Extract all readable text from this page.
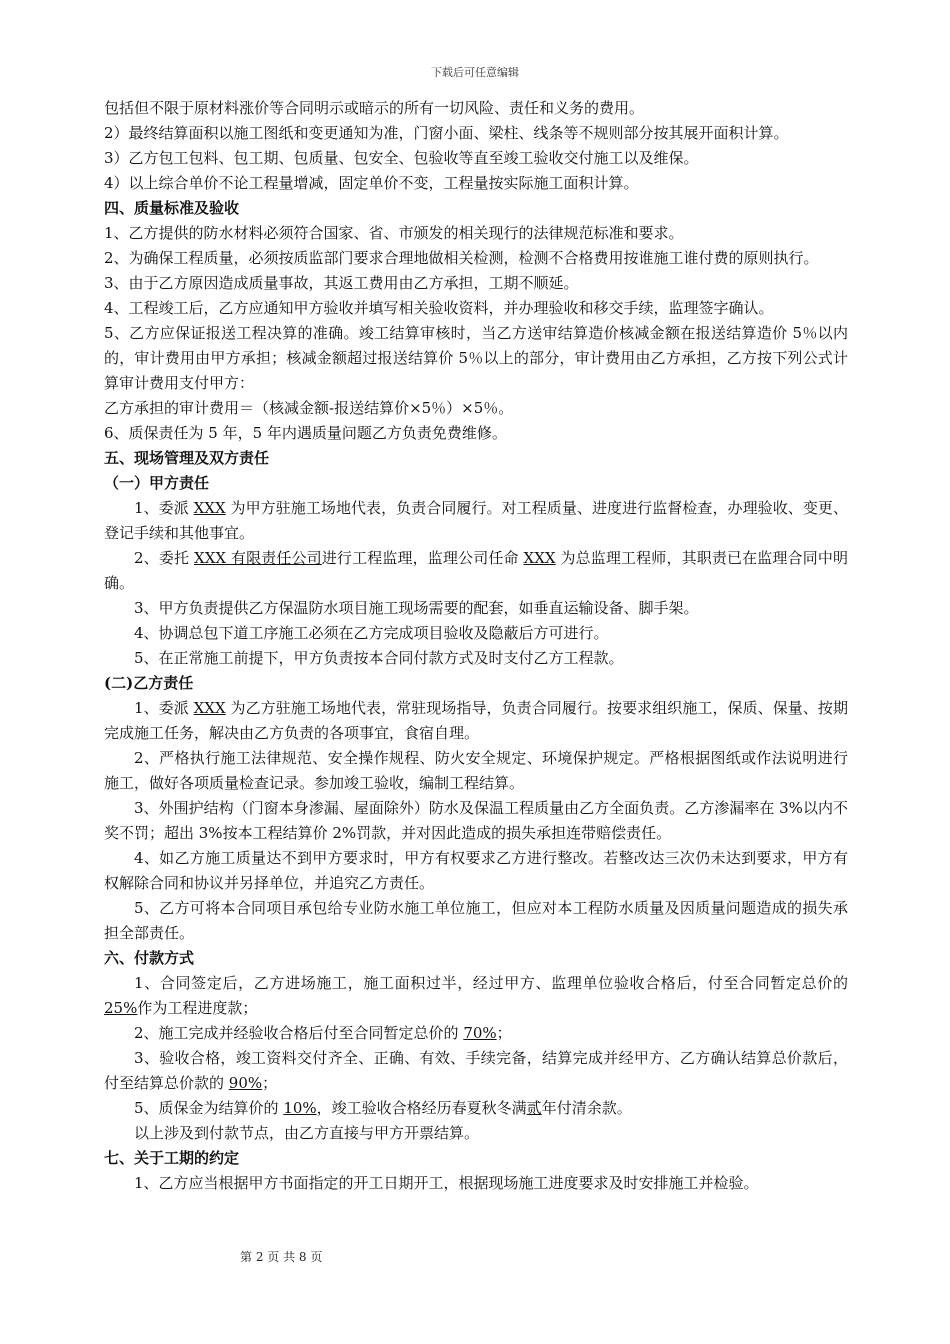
下载后可任意编辑

包括但不限于原材料涨价等合同明示或暗示的所有一切风险、责任和义务的费用。

2）最终结算面积以施工图纸和变更通知为准，门窗小面、梁柱、线条等不规则部分按其展开面积计算。

3）乙方包工包料、包工期、包质量、包安全、包验收等直至竣工验收交付施工以及维保。

4）以上综合单价不论工程量增减，固定单价不变，工程量按实际施工面积计算。

四、质量标准及验收

1、乙方提供的防水材料必须符合国家、省、市颁发的相关现行的法律规范标准和要求。

2、为确保工程质量，必须按质监部门要求合理地做相关检测，检测不合格费用按谁施工谁付费的原则执行。

3、由于乙方原因造成质量事故，其返工费用由乙方承担，工期不顺延。

4、工程竣工后，乙方应通知甲方验收并填写相关验收资料，并办理验收和移交手续，监理签字确认。

5、乙方应保证报送工程决算的准确。竣工结算审核时，当乙方送审结算造价核减金额在报送结算造价 5％以内的，审计费用由甲方承担；核减金额超过报送结算价 5％以上的部分，审计费用由乙方承担，乙方按下列公式计算审计费用支付甲方：

乙方承担的审计费用＝（核减金额-报送结算价×5％）×5％。

6、质保责任为 5 年，5 年内遇质量问题乙方负责免费维修。

五、现场管理及双方责任

（一）甲方责任

1、委派 XXX 为甲方驻施工场地代表，负责合同履行。对工程质量、进度进行监督检查，办理验收、变更、登记手续和其他事宜。

2、委托 XXX 有限责任公司进行工程监理，监理公司任命 XXX 为总监理工程师，其职责已在监理合同中明确。

3、甲方负责提供乙方保温防水项目施工现场需要的配套，如垂直运输设备、脚手架。

4、协调总包下道工序施工必须在乙方完成项目验收及隐蔽后方可进行。

5、在正常施工前提下，甲方负责按本合同付款方式及时支付乙方工程款。

(二)乙方责任

1、委派 XXX 为乙方驻施工场地代表，常驻现场指导，负责合同履行。按要求组织施工，保质、保量、按期完成施工任务，解决由乙方负责的各项事宜，食宿自理。

2、严格执行施工法律规范、安全操作规程、防火安全规定、环境保护规定。严格根据图纸或作法说明进行施工，做好各项质量检查记录。参加竣工验收，编制工程结算。

3、外围护结构（门窗本身渗漏、屋面除外）防水及保温工程质量由乙方全面负责。乙方渗漏率在 3%以内不奖不罚；超出 3%按本工程结算价 2%罚款，并对因此造成的损失承担连带赔偿责任。

4、如乙方施工质量达不到甲方要求时，甲方有权要求乙方进行整改。若整改达三次仍未达到要求，甲方有权解除合同和协议并另择单位，并追究乙方责任。

5、乙方可将本合同项目承包给专业防水施工单位施工，但应对本工程防水质量及因质量问题造成的损失承担全部责任。

六、付款方式

1、合同签定后，乙方进场施工，施工面积过半，经过甲方、监理单位验收合格后，付至合同暂定总价的 25%作为工程进度款；

2、施工完成并经验收合格后付至合同暂定总价的 70%；

3、验收合格，竣工资料交付齐全、正确、有效、手续完备，结算完成并经甲方、乙方确认结算总价款后，付至结算总价款的 90%；

5、质保金为结算价的 10%，竣工验收合格经历春夏秋冬满贰年付清余款。

以上涉及到付款节点，由乙方直接与甲方开票结算。

七、关于工期的约定

1、乙方应当根据甲方书面指定的开工日期开工，根据现场施工进度要求及时安排施工并检验。

第 2 页 共 8 页
